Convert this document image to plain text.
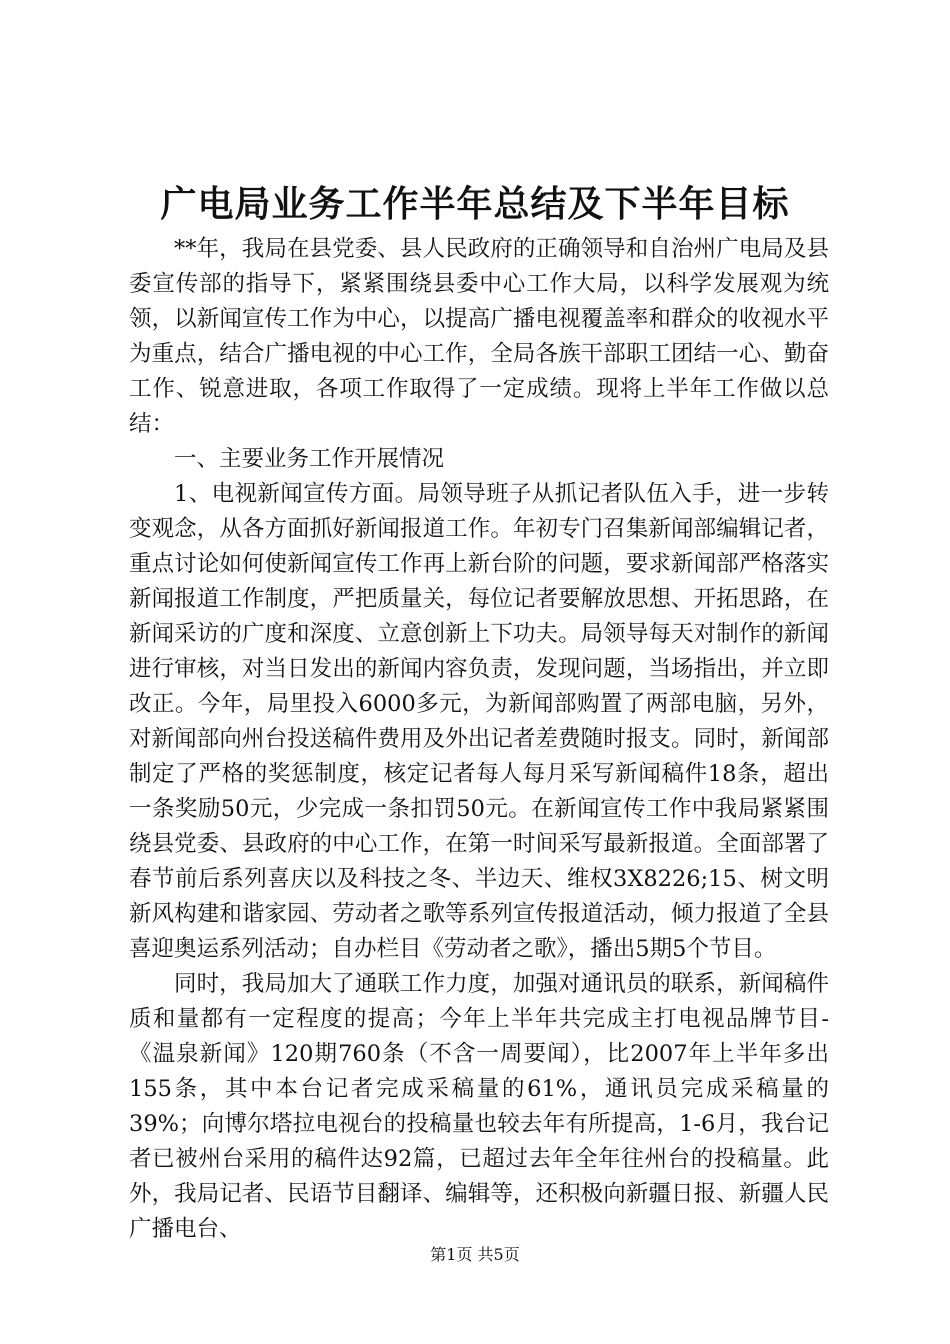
广电局业务工作半年总结及下半年目标

**年，我局在县党委、县人民政府的正确领导和自治州广电局及县委宣传部的指导下，紧紧围绕县委中心工作大局，以科学发展观为统领，以新闻宣传工作为中心，以提高广播电视覆盖率和群众的收视水平为重点，结合广播电视的中心工作，全局各族干部职工团结一心、勤奋工作、锐意进取，各项工作取得了一定成绩。现将上半年工作做以总结：

一、主要业务工作开展情况

1、电视新闻宣传方面。局领导班子从抓记者队伍入手，进一步转变观念，从各方面抓好新闻报道工作。年初专门召集新闻部编辑记者，重点讨论如何使新闻宣传工作再上新台阶的问题，要求新闻部严格落实新闻报道工作制度，严把质量关，每位记者要解放思想、开拓思路，在新闻采访的广度和深度、立意创新上下功夫。局领导每天对制作的新闻进行审核，对当日发出的新闻内容负责，发现问题，当场指出，并立即改正。今年，局里投入6000多元，为新闻部购置了两部电脑，另外，对新闻部向州台投送稿件费用及外出记者差费随时报支。同时，新闻部制定了严格的奖惩制度，核定记者每人每月采写新闻稿件18条，超出一条奖励50元，少完成一条扣罚50元。在新闻宣传工作中我局紧紧围绕县党委、县政府的中心工作，在第一时间采写最新报道。全面部署了春节前后系列喜庆以及科技之冬、半边天、维权3X8226;15、树文明新风构建和谐家园、劳动者之歌等系列宣传报道活动，倾力报道了全县喜迎奥运系列活动；自办栏目《劳动者之歌》，播出5期5个节目。

同时，我局加大了通联工作力度，加强对通讯员的联系，新闻稿件质和量都有一定程度的提高；今年上半年共完成主打电视品牌节目-《温泉新闻》120期760条（不含一周要闻），比2007年上半年多出155条，其中本台记者完成采稿量的61%，通讯员完成采稿量的39%；向博尔塔拉电视台的投稿量也较去年有所提高，1-6月，我台记者已被州台采用的稿件达92篇，已超过去年全年往州台的投稿量。此外，我局记者、民语节目翻译、编辑等，还积极向新疆日报、新疆人民广播电台、

第1页 共5页
